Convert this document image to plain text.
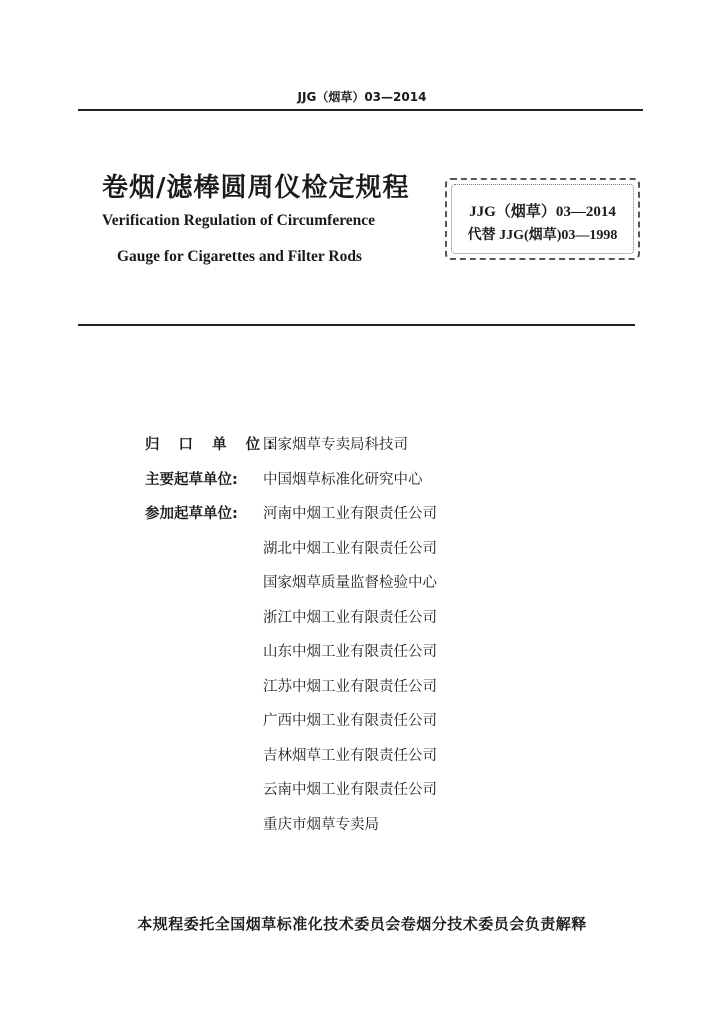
JJG（烟草）03—2014
卷烟/滤棒圆周仪检定规程
Verification Regulation of Circumference
Gauge for Cigarettes and Filter Rods
JJG（烟草）03—2014
代替 JJG(烟草)03—1998
归 口 单 位:
国家烟草专卖局科技司
主要起草单位:	中国烟草标准化研究中心
参加起草单位:	河南中烟工业有限责任公司
湖北中烟工业有限责任公司
国家烟草质量监督检验中心
浙江中烟工业有限责任公司
山东中烟工业有限责任公司
江苏中烟工业有限责任公司
广西中烟工业有限责任公司
吉林烟草工业有限责任公司
云南中烟工业有限责任公司
重庆市烟草专卖局
本规程委托全国烟草标准化技术委员会卷烟分技术委员会负责解释
